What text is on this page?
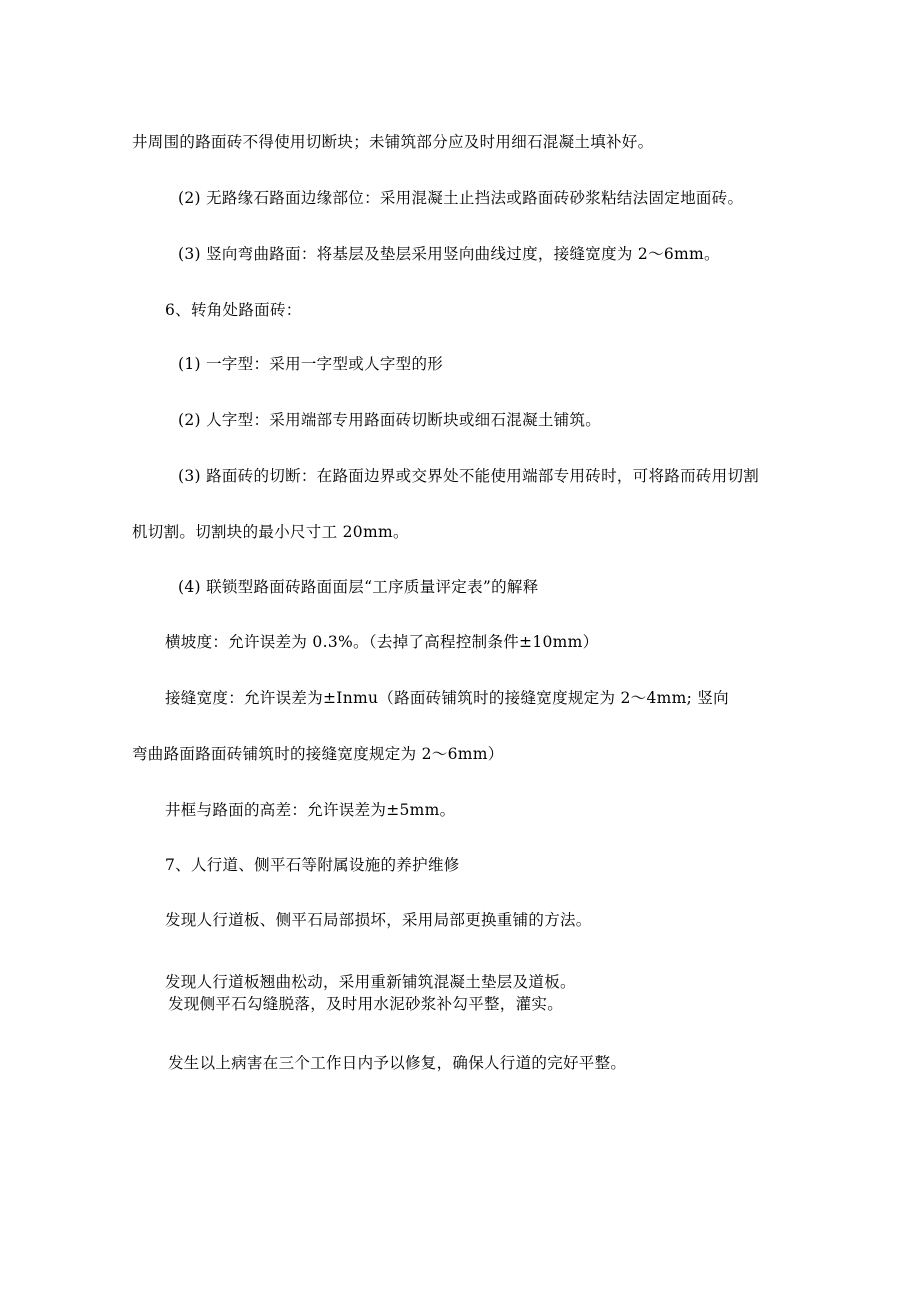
井周围的路面砖不得使用切断块；未铺筑部分应及时用细石混凝土填补好。
(2) 无路缘石路面边缘部位：采用混凝土止挡法或路面砖砂浆粘结法固定地面砖。
(3) 竖向弯曲路面：将基层及垫层采用竖向曲线过度，接缝宽度为 2～6mm。
6、转角处路面砖：
(1) 一字型：采用一字型或人字型的形
(2) 人字型：采用端部专用路面砖切断块或细石混凝土铺筑。
(3) 路面砖的切断：在路面边界或交界处不能使用端部专用砖时，可将路而砖用切割
机切割。切割块的最小尺寸工 20mm。
(4) 联锁型路面砖路面面层“工序质量评定表”的解释
横坡度：允许误差为 0.3%。（去掉了高程控制条件±10mm）
接缝宽度：允许误差为±Inmu（路面砖铺筑时的接缝宽度规定为 2～4mm; 竖向
弯曲路面路面砖铺筑时的接缝宽度规定为 2～6mm）
井框与路面的高差：允许误差为±5mm。
7、人行道、侧平石等附属设施的养护维修
发现人行道板、侧平石局部损坏，采用局部更换重铺的方法。
发现人行道板翘曲松动，采用重新铺筑混凝土垫层及道板。
发现侧平石勾缝脱落，及时用水泥砂浆补勾平整，灌实。
发生以上病害在三个工作日内予以修复，确保人行道的完好平整。
